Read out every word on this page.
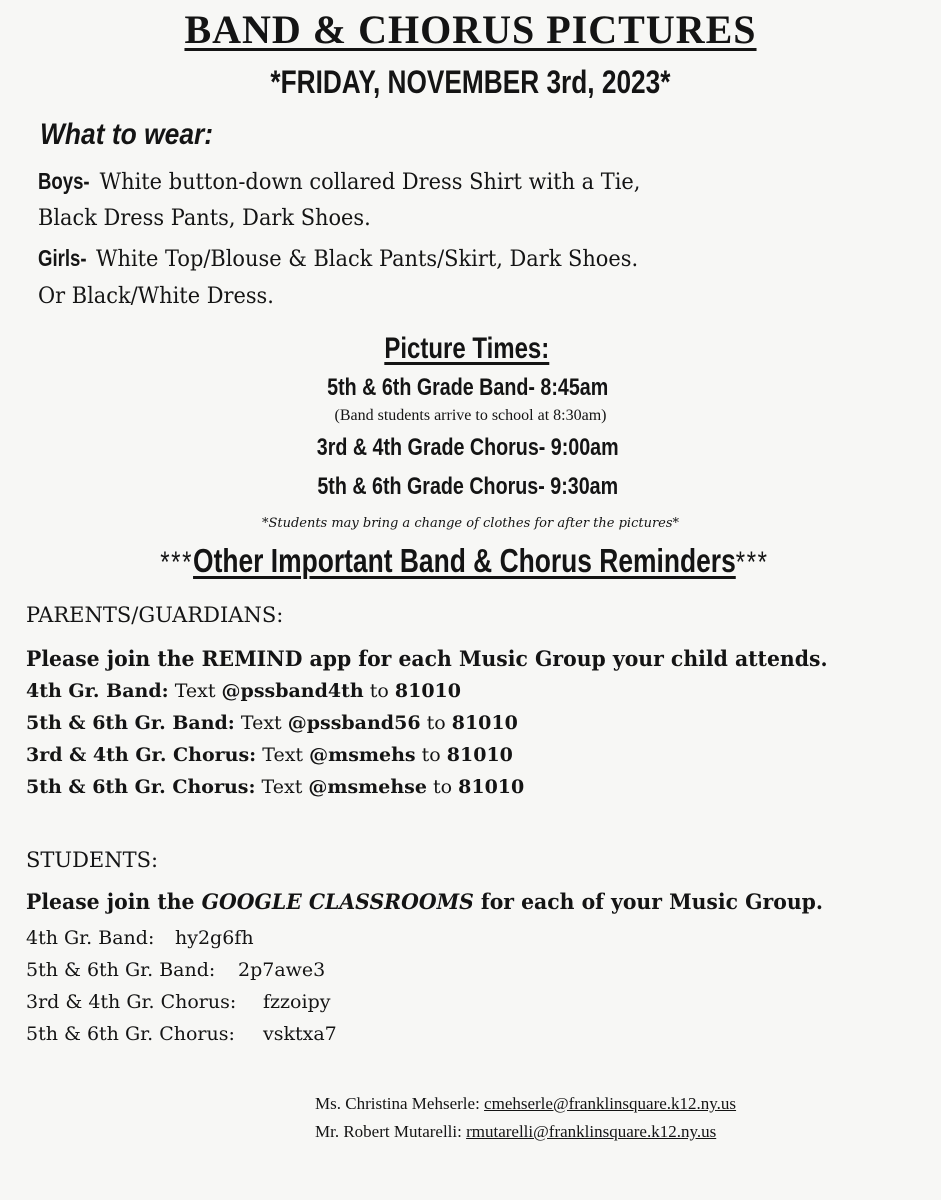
BAND & CHORUS PICTURES
*FRIDAY, NOVEMBER 3rd, 2023*
What to wear:
Boys- White button-down collared Dress Shirt with a Tie,
Black Dress Pants, Dark Shoes.
Girls- White Top/Blouse & Black Pants/Skirt, Dark Shoes.
Or Black/White Dress.
Picture Times:
5th & 6th Grade Band- 8:45am
(Band students arrive to school at 8:30am)
3rd & 4th Grade Chorus- 9:00am
5th & 6th Grade Chorus- 9:30am
*Students may bring a change of clothes for after the pictures*
***Other Important Band & Chorus Reminders***
PARENTS/GUARDIANS:
Please join the REMIND app for each Music Group your child attends.
4th Gr. Band: Text @pssband4th to 81010
5th & 6th Gr. Band: Text @pssband56 to 81010
3rd & 4th Gr. Chorus: Text @msmehs to 81010
5th & 6th Gr. Chorus: Text @msmehse to 81010
STUDENTS:
Please join the GOOGLE CLASSROOMS for each of your Music Group.
4th Gr. Band: hy2g6fh
5th & 6th Gr. Band: 2p7awe3
3rd & 4th Gr. Chorus: fzzoipy
5th & 6th Gr. Chorus: vsktxa7
Ms. Christina Mehserle: cmehserle@franklinsquare.k12.ny.us
Mr. Robert Mutarelli: rmutarelli@franklinsquare.k12.ny.us
